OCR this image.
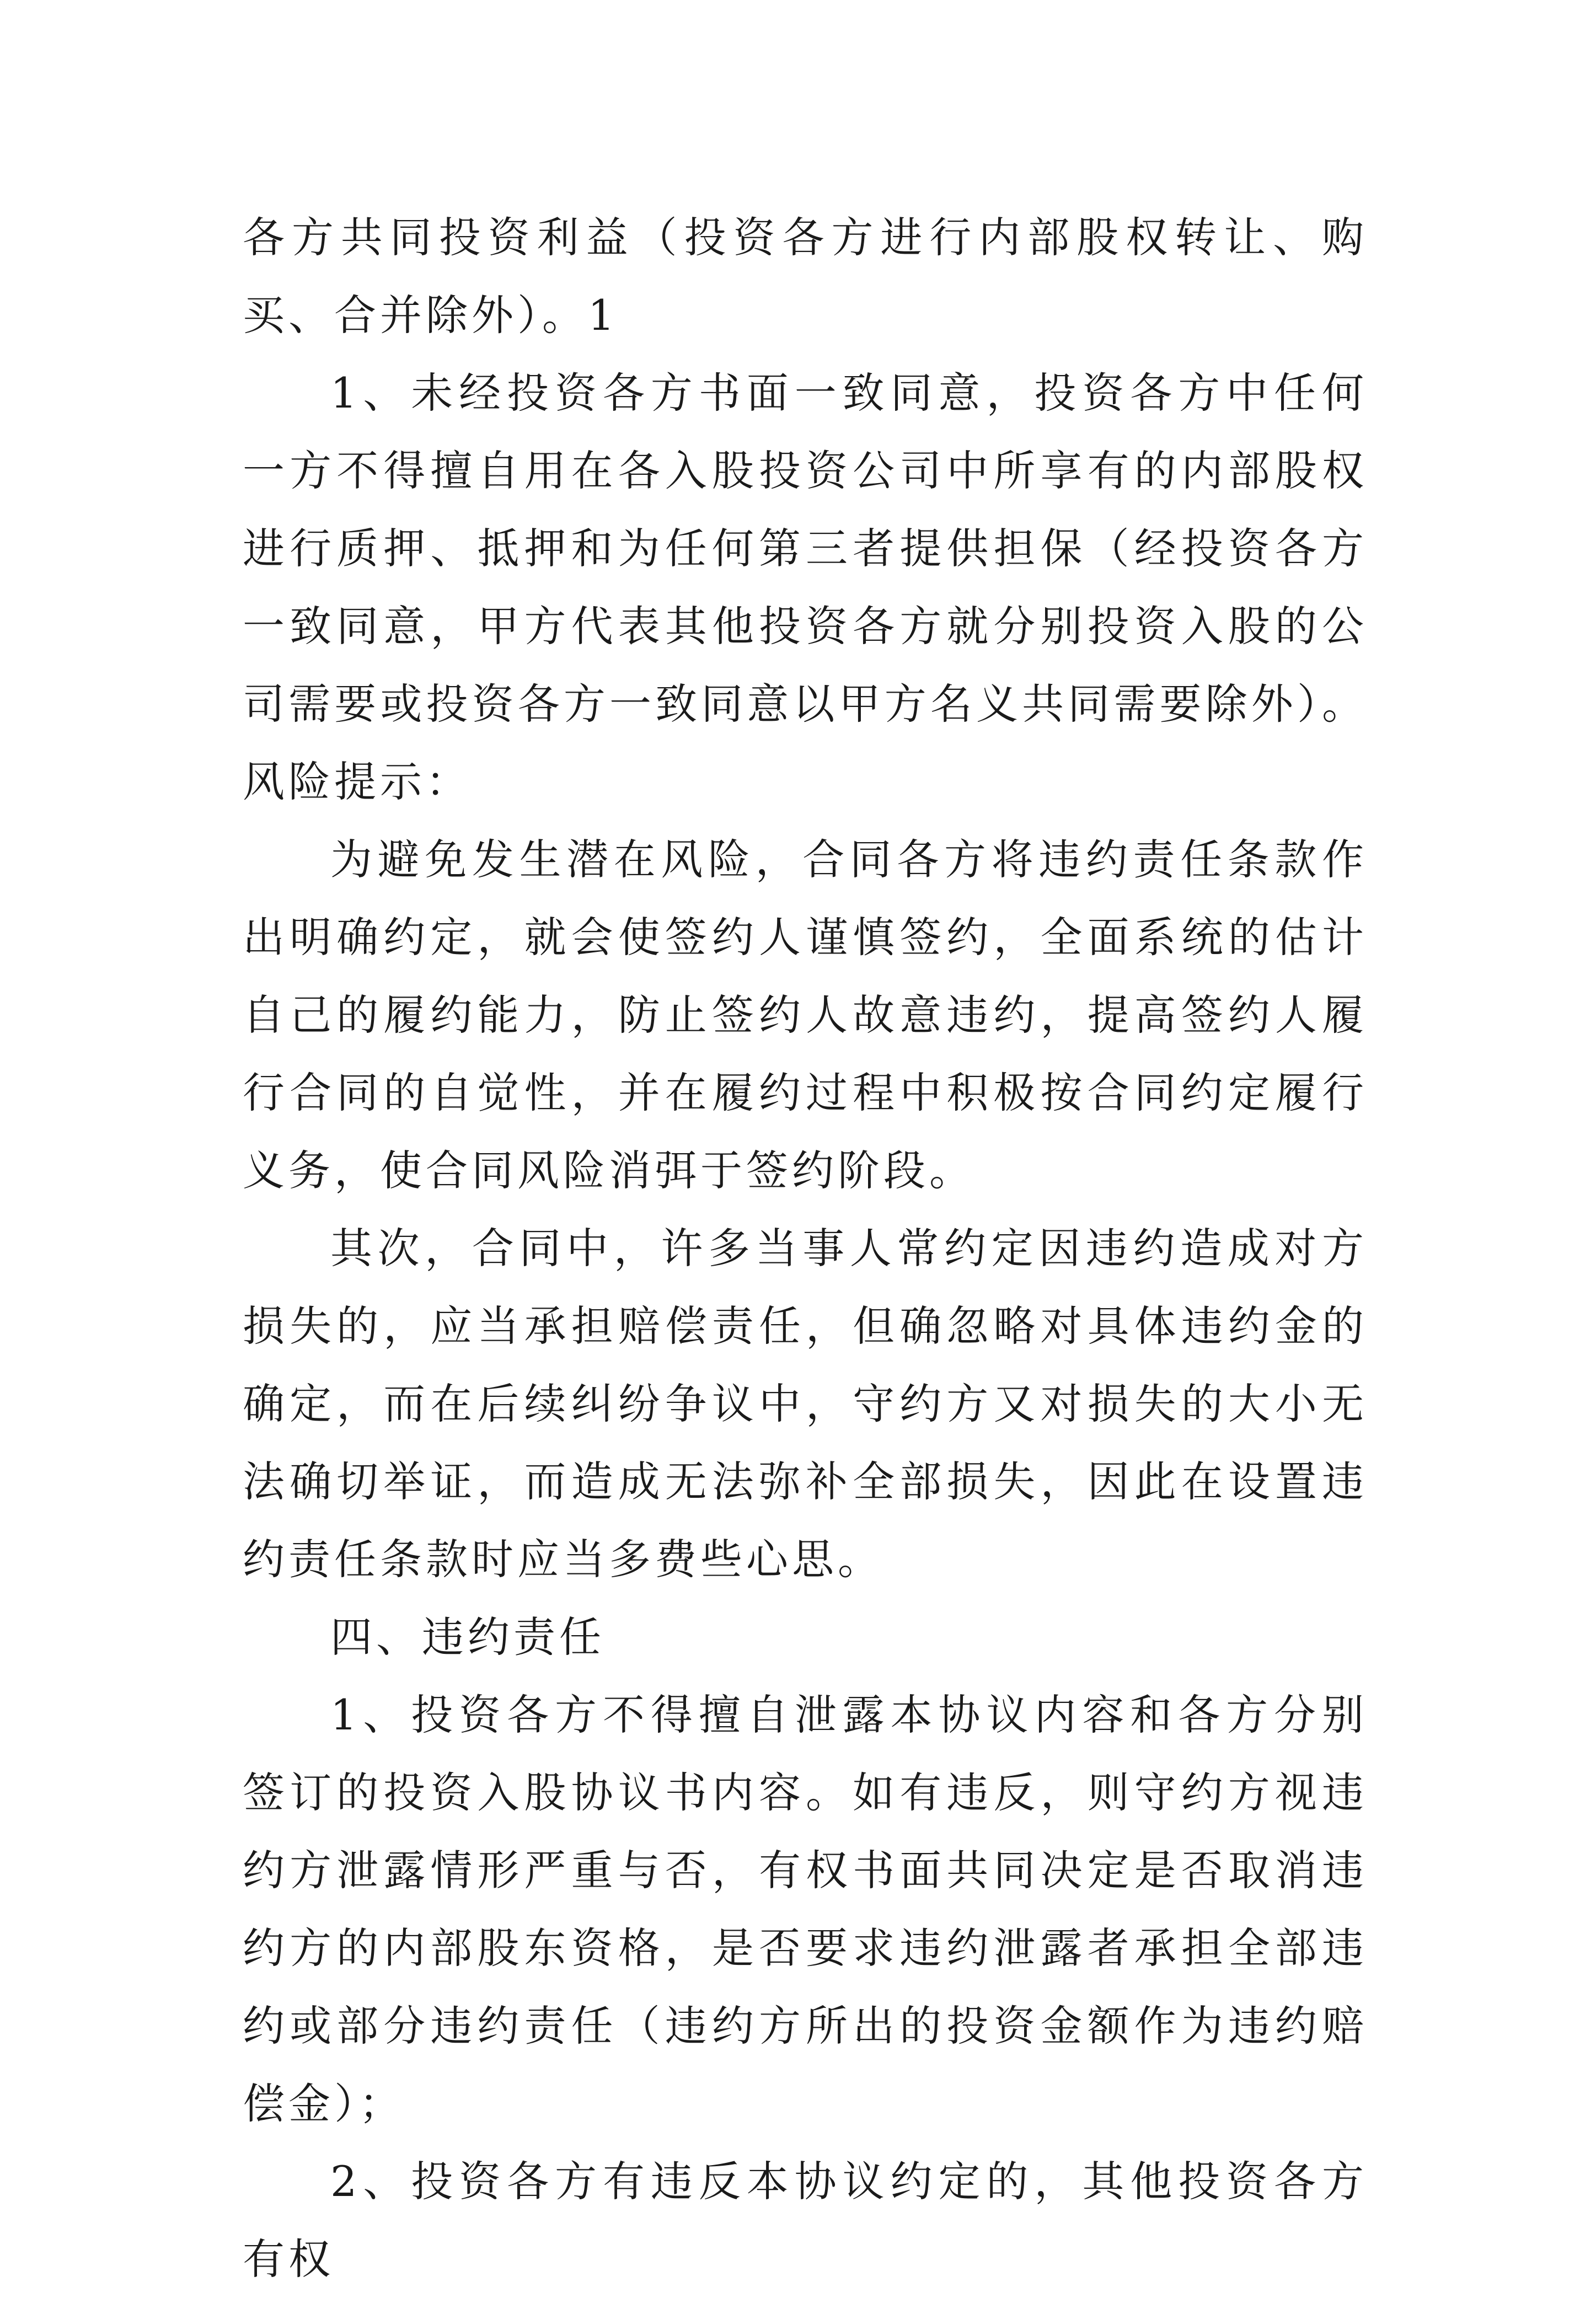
各方共同投资利益（投资各方进行内部股权转让、购买、合并除外）。1

1、未经投资各方书面一致同意，投资各方中任何一方不得擅自用在各入股投资公司中所享有的内部股权进行质押、抵押和为任何第三者提供担保（经投资各方一致同意，甲方代表其他投资各方就分别投资入股的公司需要或投资各方一致同意以甲方名义共同需要除外）。风险提示：

为避免发生潜在风险，合同各方将违约责任条款作出明确约定，就会使签约人谨慎签约，全面系统的估计自己的履约能力，防止签约人故意违约，提高签约人履行合同的自觉性，并在履约过程中积极按合同约定履行义务，使合同风险消弭于签约阶段。

其次，合同中，许多当事人常约定因违约造成对方损失的，应当承担赔偿责任，但确忽略对具体违约金的确定，而在后续纠纷争议中，守约方又对损失的大小无法确切举证，而造成无法弥补全部损失，因此在设置违约责任条款时应当多费些心思。

四、违约责任

1、投资各方不得擅自泄露本协议内容和各方分别签订的投资入股协议书内容。如有违反，则守约方视违约方泄露情形严重与否，有权书面共同决定是否取消违约方的内部股东资格，是否要求违约泄露者承担全部违约或部分违约责任（违约方所出的投资金额作为违约赔偿金）；

2、投资各方有违反本协议约定的，其他投资各方有权
